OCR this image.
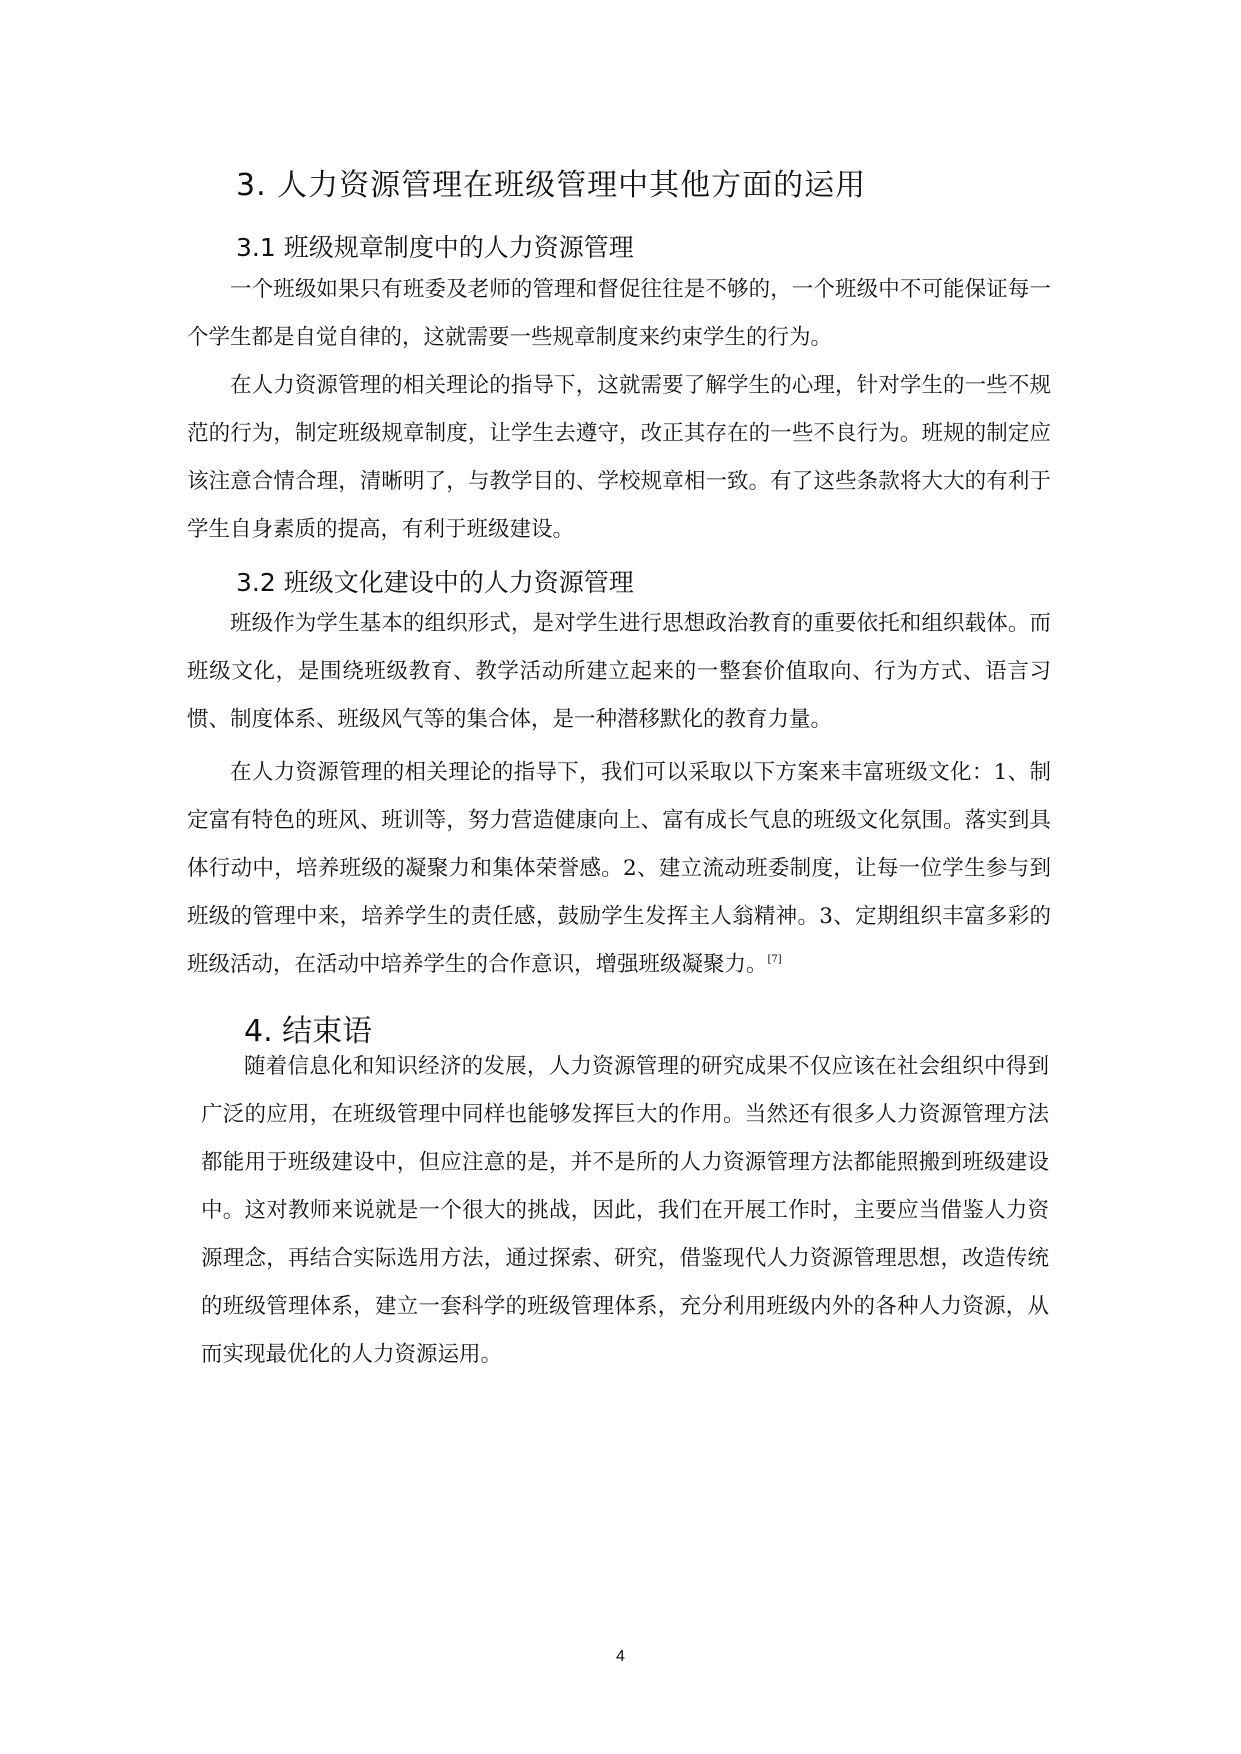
3. 人力资源管理在班级管理中其他方面的运用
3.1 班级规章制度中的人力资源管理

一个班级如果只有班委及老师的管理和督促往往是不够的，一个班级中不可能保证每一个学生都是自觉自律的，这就需要一些规章制度来约束学生的行为。

在人力资源管理的相关理论的指导下，这就需要了解学生的心理，针对学生的一些不规范的行为，制定班级规章制度，让学生去遵守，改正其存在的一些不良行为。班规的制定应该注意合情合理，清晰明了，与教学目的、学校规章相一致。有了这些条款将大大的有利于学生自身素质的提高，有利于班级建设。

3.2 班级文化建设中的人力资源管理

班级作为学生基本的组织形式，是对学生进行思想政治教育的重要依托和组织载体。而班级文化，是围绕班级教育、教学活动所建立起来的一整套价值取向、行为方式、语言习惯、制度体系、班级风气等的集合体，是一种潜移默化的教育力量。

在人力资源管理的相关理论的指导下，我们可以采取以下方案来丰富班级文化：1、制定富有特色的班风、班训等，努力营造健康向上、富有成长气息的班级文化氛围。落实到具体行动中，培养班级的凝聚力和集体荣誉感。2、建立流动班委制度，让每一位学生参与到班级的管理中来，培养学生的责任感，鼓励学生发挥主人翁精神。3、定期组织丰富多彩的班级活动，在活动中培养学生的合作意识，增强班级凝聚力。[7]

4. 结束语

随着信息化和知识经济的发展，人力资源管理的研究成果不仅应该在社会组织中得到广泛的应用，在班级管理中同样也能够发挥巨大的作用。当然还有很多人力资源管理方法都能用于班级建设中，但应注意的是，并不是所的人力资源管理方法都能照搬到班级建设中。这对教师来说就是一个很大的挑战，因此，我们在开展工作时，主要应当借鉴人力资源理念，再结合实际选用方法，通过探索、研究，借鉴现代人力资源管理思想，改造传统的班级管理体系，建立一套科学的班级管理体系，充分利用班级内外的各种人力资源，从而实现最优化的人力资源运用。

4
